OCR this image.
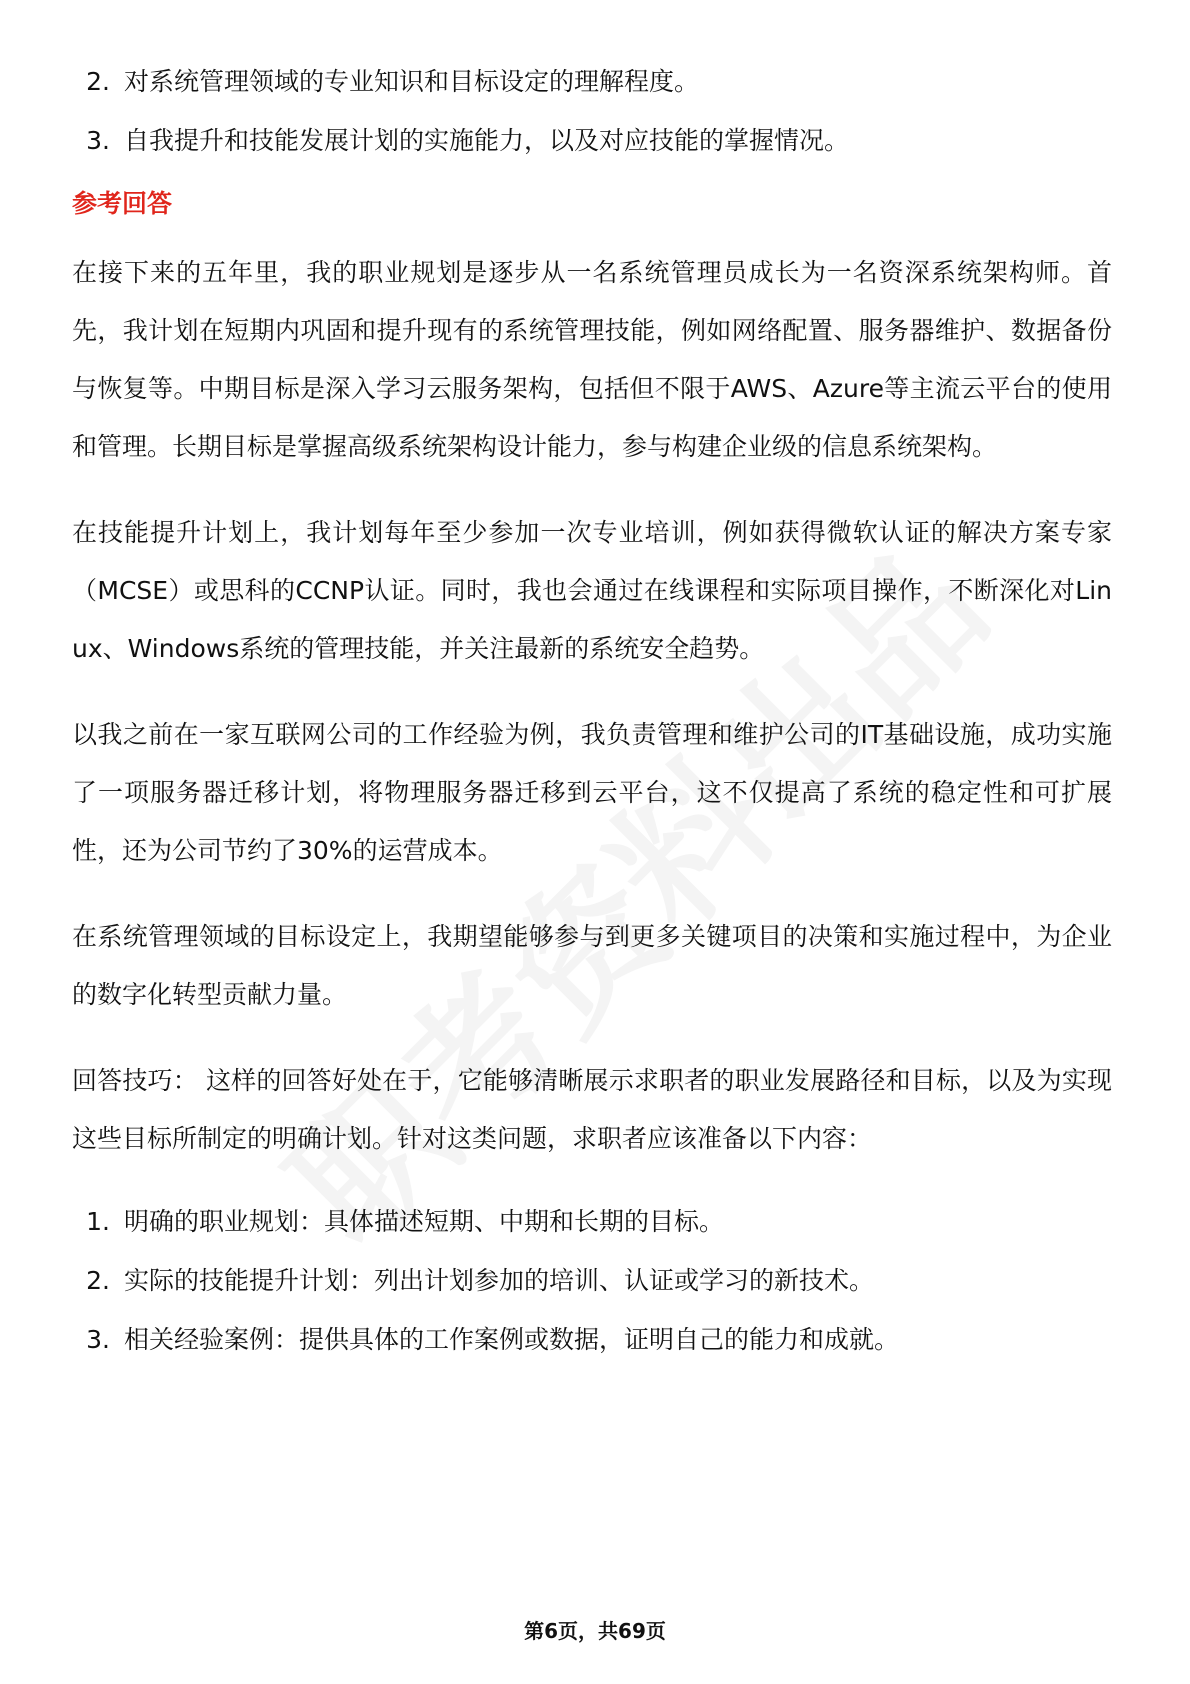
2. 对系统管理领域的专业知识和目标设定的理解程度。
3. 自我提升和技能发展计划的实施能力，以及对应技能的掌握情况。
参考回答

在接下来的五年里，我的职业规划是逐步从一名系统管理员成长为一名资深系统架构师。首先，我计划在短期内巩固和提升现有的系统管理技能，例如网络配置、服务器维护、数据备份与恢复等。中期目标是深入学习云服务架构，包括但不限于AWS、Azure等主流云平台的使用和管理。长期目标是掌握高级系统架构设计能力，参与构建企业级的信息系统架构。

在技能提升计划上，我计划每年至少参加一次专业培训，例如获得微软认证的解决方案专家（MCSE）或思科的CCNP认证。同时，我也会通过在线课程和实际项目操作，不断深化对Linux、Windows系统的管理技能，并关注最新的系统安全趋势。

以我之前在一家互联网公司的工作经验为例，我负责管理和维护公司的IT基础设施，成功实施了一项服务器迁移计划，将物理服务器迁移到云平台，这不仅提高了系统的稳定性和可扩展性，还为公司节约了30%的运营成本。

在系统管理领域的目标设定上，我期望能够参与到更多关键项目的决策和实施过程中，为企业的数字化转型贡献力量。

回答技巧： 这样的回答好处在于，它能够清晰展示求职者的职业发展路径和目标，以及为实现这些目标所制定的明确计划。针对这类问题，求职者应该准备以下内容：

1. 明确的职业规划：具体描述短期、中期和长期的目标。
2. 实际的技能提升计划：列出计划参加的培训、认证或学习的新技术。
3. 相关经验案例：提供具体的工作案例或数据，证明自己的能力和成就。
第6页，共69页
